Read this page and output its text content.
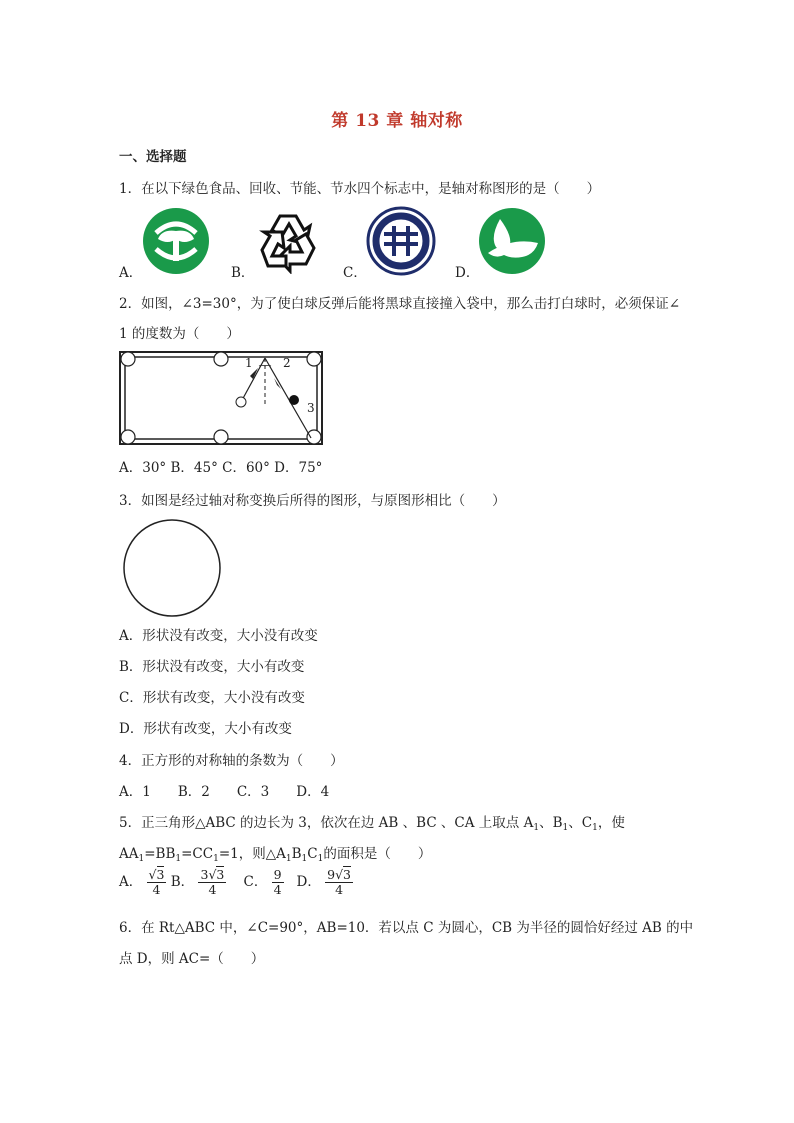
第 13 章 轴对称
一、选择题
1．在以下绿色食品、回收、节能、节水四个标志中，是轴对称图形的是（　　）
A．	B．	C．	D．
2．如图，∠3=30°，为了使白球反弹后能将黑球直接撞入袋中，那么击打白球时，必须保证∠
1 的度数为（　　）
1	2
3
A．30° B．45° C．60° D．75°
3．如图是经过轴对称变换后所得的图形，与原图形相比（　　）
A．形状没有改变，大小没有改变
B．形状没有改变，大小有改变
C．形状有改变，大小没有改变
D．形状有改变，大小有改变
4．正方形的对称轴的条数为（　　）
A．1　　B．2　　C．3　　D．4
5．正三角形△ABC 的边长为 3，依次在边 AB 、BC 、CA 上取点 $A_1$、$B_1$、$C_1$，使
$AA_1=BB_1=CC_1=1$，则$\triangle A_1B_1C_1$的面积是（　　）
A． $\frac{√3}{4}$ B． $\frac{3√3}{4}$ C． $\frac{9}{4}$ D． $\frac{9√3}{4}$
6．在 Rt△ABC 中，∠C=90°，AB=10．若以点 C 为圆心，CB 为半径的圆恰好经过 AB 的中
点 D，则 AC=（　　）
